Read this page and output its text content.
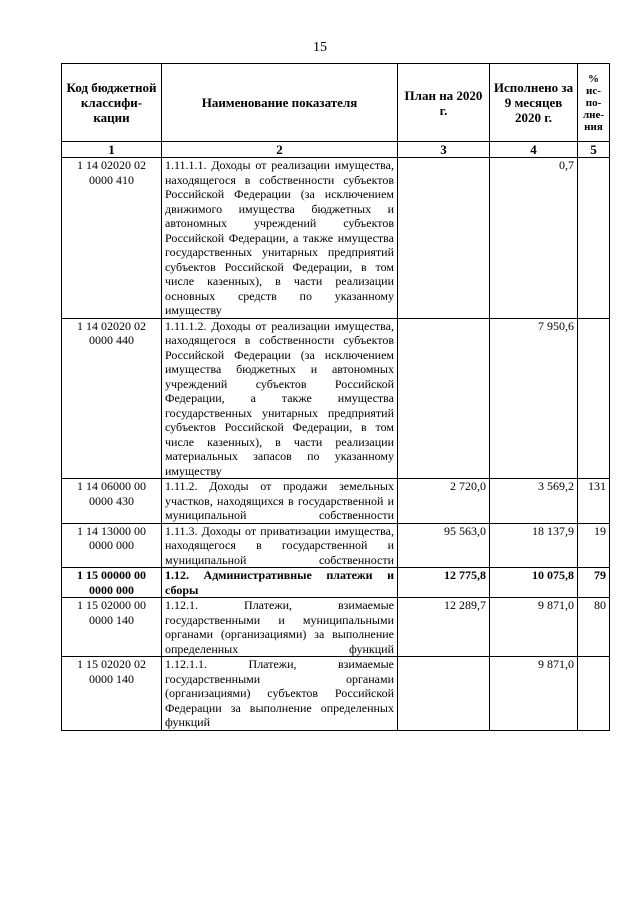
15
Код бюджетной классифи-кации	Наименование показателя	План на 2020 г.	Исполнено за 9 месяцев 2020 г.	% ис-по-лне-ния
1	2	3	4	5
1 14 02020 02 0000 410	1.11.1.1. Доходы от реализации имущества, находящегося в собственности субъектов Российской Федерации (за исключением движимого имущества бюджетных и автономных учреждений субъектов Российской Федерации, а также имущества государственных унитарных предприятий субъектов Российской Федерации, в том числе казенных), в части реализации основных средств по указанному имуществу		0,7	
1 14 02020 02 0000 440	1.11.1.2. Доходы от реализации имущества, находящегося в собственности субъектов Российской Федерации (за исключением имущества бюджетных и автономных учреждений субъектов Российской Федерации, а также имущества государственных унитарных предприятий субъектов Российской Федерации, в том числе казенных), в части реализации материальных запасов по указанному имуществу		7 950,6	
1 14 06000 00 0000 430	1.11.2. Доходы от продажи земельных участков, находящихся в государственной и муниципальной собственности	2 720,0	3 569,2	131
1 14 13000 00 0000 000	1.11.3. Доходы от приватизации имущества, находящегося в государственной и муниципальной собственности	95 563,0	18 137,9	19
1 15 00000 00 0000 000	1.12. Административные платежи и сборы	12 775,8	10 075,8	79
1 15 02000 00 0000 140	1.12.1. Платежи, взимаемые государственными и муниципальными органами (организациями) за выполнение определенных функций	12 289,7	9 871,0	80
1 15 02020 02 0000 140	1.12.1.1. Платежи, взимаемые государственными органами (организациями) субъектов Российской Федерации за выполнение определенных функций		9 871,0	
